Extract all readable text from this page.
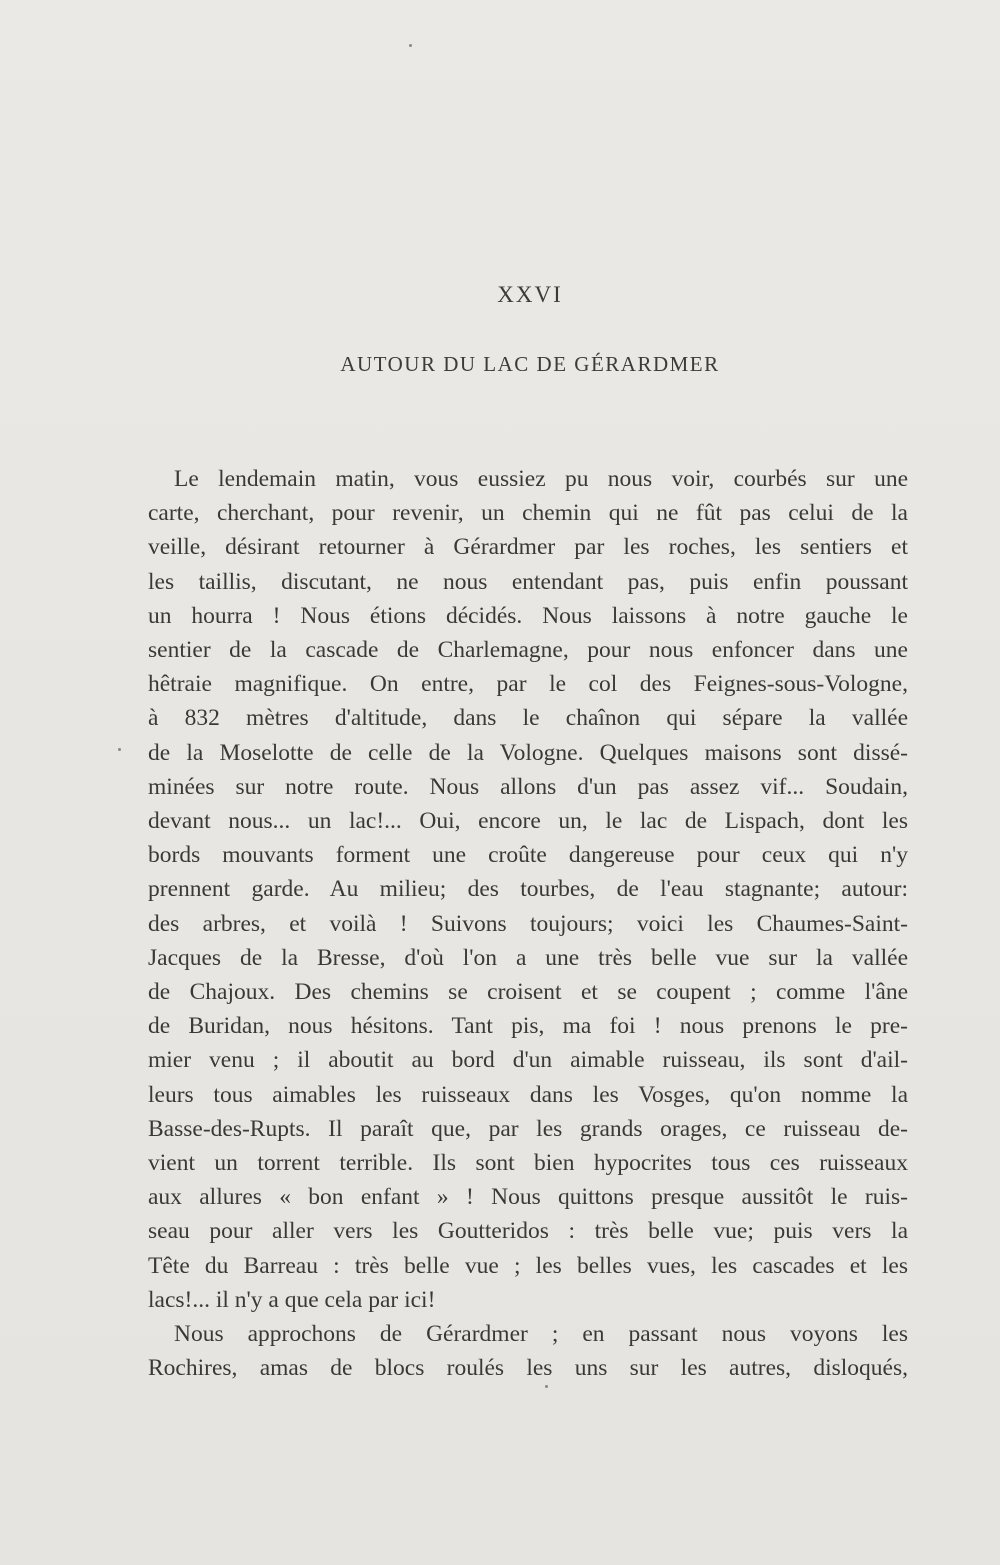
XXVI
AUTOUR DU LAC DE GÉRARDMER
Le lendemain matin, vous eussiez pu nous voir, courbés sur une
carte, cherchant, pour revenir, un chemin qui ne fût pas celui de la
veille, désirant retourner à Gérardmer par les roches, les sentiers et
les taillis, discutant, ne nous entendant pas, puis enfin poussant
un hourra ! Nous étions décidés. Nous laissons à notre gauche le
sentier de la cascade de Charlemagne, pour nous enfoncer dans une
hêtraie magnifique. On entre, par le col des Feignes-sous-Vologne,
à 832 mètres d'altitude, dans le chaînon qui sépare la vallée
de la Moselotte de celle de la Vologne. Quelques maisons sont dissé-
minées sur notre route. Nous allons d'un pas assez vif... Soudain,
devant nous... un lac!... Oui, encore un, le lac de Lispach, dont les
bords mouvants forment une croûte dangereuse pour ceux qui n'y
prennent garde. Au milieu; des tourbes, de l'eau stagnante; autour:
des arbres, et voilà ! Suivons toujours; voici les Chaumes-Saint-
Jacques de la Bresse, d'où l'on a une très belle vue sur la vallée
de Chajoux. Des chemins se croisent et se coupent ; comme l'âne
de Buridan, nous hésitons. Tant pis, ma foi ! nous prenons le pre-
mier venu ; il aboutit au bord d'un aimable ruisseau, ils sont d'ail-
leurs tous aimables les ruisseaux dans les Vosges, qu'on nomme la
Basse-des-Rupts. Il paraît que, par les grands orages, ce ruisseau de-
vient un torrent terrible. Ils sont bien hypocrites tous ces ruisseaux
aux allures « bon enfant » ! Nous quittons presque aussitôt le ruis-
seau pour aller vers les Goutteridos : très belle vue; puis vers la
Tête du Barreau : très belle vue ; les belles vues, les cascades et les
lacs!... il n'y a que cela par ici!
Nous approchons de Gérardmer ; en passant nous voyons les
Rochires, amas de blocs roulés les uns sur les autres, disloqués,
